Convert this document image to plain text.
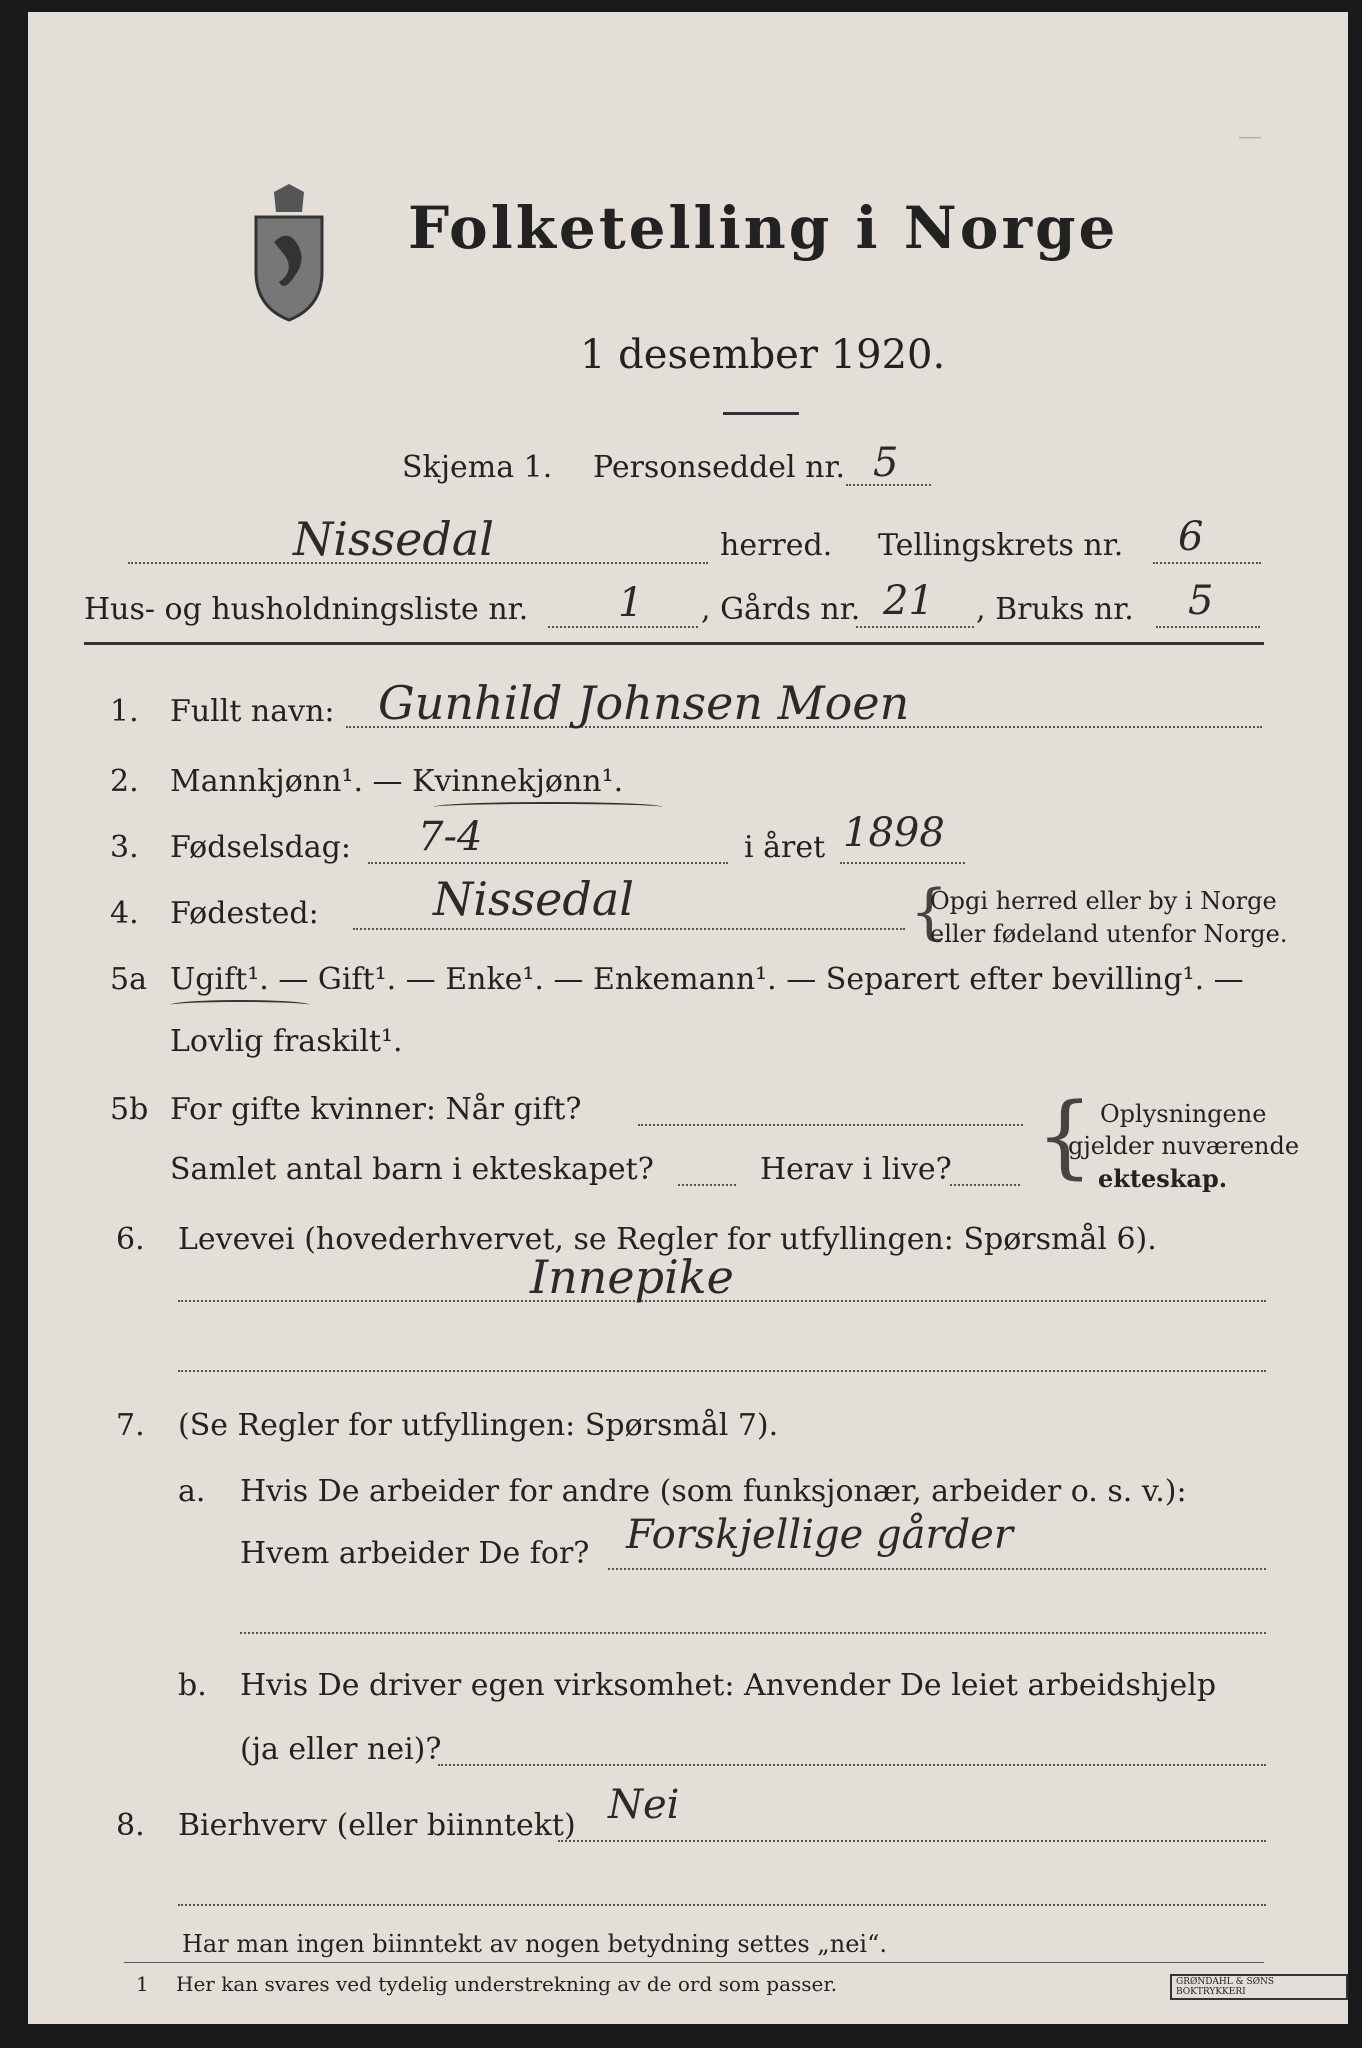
Folketelling i Norge
1 desember 1920.
—
Skjema 1. Personseddel nr. 5
Nissedal	herred. Tellingskrets nr. 6
Hus- og husholdningsliste nr. 1 , Gårds nr. 21 , Bruks nr. 5
1. Fullt navn: Gunhild Johnsen Moen
2. Mannkjønn¹. — Kvinnekjønn¹.
3. Fødselsdag: 7-4	i året 1898
4. Fødested: Nissedal	{
Opgi herred eller by i Norge
eller fødeland utenfor Norge.
5a Ugift¹. — Gift¹. — Enke¹. — Enkemann¹. — Separert efter bevilling¹. —
Lovlig fraskilt¹.
5b For gifte kvinner: Når gift?
Samlet antal barn i ekteskapet?	Herav i live? { Oplysningene
gjelder nuværende
ekteskap.
6. Levevei (hovederhvervet, se Regler for utfyllingen: Spørsmål 6).
Innepike
7. (Se Regler for utfyllingen: Spørsmål 7).
a. Hvis De arbeider for andre (som funksjonær, arbeider o. s. v.):
Hvem arbeider De for? Forskjellige gårder
b. Hvis De driver egen virksomhet: Anvender De leiet arbeidshjelp
(ja eller nei)?
8. Bierhverv (eller biinntekt) Nei
Har man ingen biinntekt av nogen betydning settes „nei“.
1 Her kan svares ved tydelig understrekning av de ord som passer.	GRØNDAHL & SØNS BOKTRYKKERI
